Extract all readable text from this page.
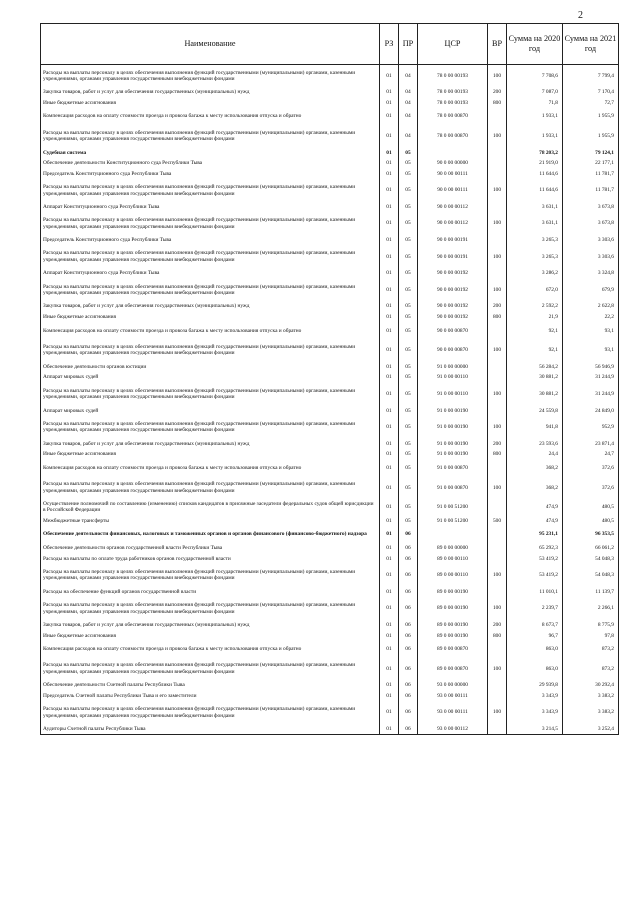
2
Наименование	РЗ	ПР	ЦСР	ВР	Сумма на 2020 год	Сумма на 2021 год
Расходы на выплаты персоналу в целях обеспечения выполнения функций государственными (муниципальными) органами, казенными учреждениями, органами управления государственными внебюджетными фондами	01	04	78 0 00 00193	100	7 708,6	7 799,4
Закупка товаров, работ и услуг для обеспечения государственных (муниципальных) нужд	01	04	78 0 00 00193	200	7 087,0	7 170,4
Иные бюджетные ассигнования	01	04	78 0 00 00193	800	71,8	72,7
Компенсация расходов на оплату стоимости проезда и провоза багажа к месту использования отпуска и обратно	01	04	78 0 00 00870		1 933,1	1 955,9
Расходы на выплаты персоналу в целях обеспечения выполнения функций государственными (муниципальными) органами, казенными учреждениями, органами управления государственными внебюджетными фондами	01	04	78 0 00 00870	100	1 933,1	1 955,9
Судебная система	01	05			78 203,2	79 124,1
Обеспечение деятельности Конституционного суда Республики Тыва	01	05	90 0 00 00000		21 919,0	22 177,1
Председатель Конституционного суда Республики Тыва	01	05	90 0 00 00111		11 644,6	11 781,7
Расходы на выплаты персоналу в целях обеспечения выполнения функций государственными (муниципальными) органами, казенными учреждениями, органами управления государственными внебюджетными фондами	01	05	90 0 00 00111	100	11 644,6	11 781,7
Аппарат Конституционного суда Республики Тыва	01	05	90 0 00 00112		3 631,1	3 673,8
Расходы на выплаты персоналу в целях обеспечения выполнения функций государственными (муниципальными) органами, казенными учреждениями, органами управления государственными внебюджетными фондами	01	05	90 0 00 00112	100	3 631,1	3 673,8
Председатель Конституционного суда Республики Тыва	01	05	90 0 00 00191		3 265,3	3 303,6
Расходы на выплаты персоналу в целях обеспечения выполнения функций государственными (муниципальными) органами, казенными учреждениями, органами управления государственными внебюджетными фондами	01	05	90 0 00 00191	100	3 265,3	3 303,6
Аппарат Конституционного суда Республики Тыва	01	05	90 0 00 00192		3 286,2	3 324,8
Расходы на выплаты персоналу в целях обеспечения выполнения функций государственными (муниципальными) органами, казенными учреждениями, органами управления государственными внебюджетными фондами	01	05	90 0 00 00192	100	672,0	679,9
Закупка товаров, работ и услуг для обеспечения государственных (муниципальных) нужд	01	05	90 0 00 00192	200	2 592,2	2 622,8
Иные бюджетные ассигнования	01	05	90 0 00 00192	800	21,9	22,2
Компенсация расходов на оплату стоимости проезда и провоза багажа к месту использования отпуска и обратно	01	05	90 0 00 00870		92,1	93,1
Расходы на выплаты персоналу в целях обеспечения выполнения функций государственными (муниципальными) органами, казенными учреждениями, органами управления государственными внебюджетными фондами	01	05	90 0 00 00870	100	92,1	93,1
Обеспечение деятельности органов юстиции	01	05	91 0 00 00000		56 284,2	56 946,9
Аппарат мировых судей	01	05	91 0 00 00110		30 881,2	31 244,9
Расходы на выплаты персоналу в целях обеспечения выполнения функций государственными (муниципальными) органами, казенными учреждениями, органами управления государственными внебюджетными фондами	01	05	91 0 00 00110	100	30 881,2	31 244,9
Аппарат мировых судей	01	05	91 0 00 00190		24 559,8	24 849,0
Расходы на выплаты персоналу в целях обеспечения выполнения функций государственными (муниципальными) органами, казенными учреждениями, органами управления государственными внебюджетными фондами	01	05	91 0 00 00190	100	941,8	952,9
Закупка товаров, работ и услуг для обеспечения государственных (муниципальных) нужд	01	05	91 0 00 00190	200	23 593,6	23 871,4
Иные бюджетные ассигнования	01	05	91 0 00 00190	800	24,4	24,7
Компенсация расходов на оплату стоимости проезда и провоза багажа к месту использования отпуска и обратно	01	05	91 0 00 00870		368,2	372,6
Расходы на выплаты персоналу в целях обеспечения выполнения функций государственными (муниципальными) органами, казенными учреждениями, органами управления государственными внебюджетными фондами	01	05	91 0 00 00870	100	368,2	372,6
Осуществление полномочий по составлению (изменению) списков кандидатов в присяжные заседатели федеральных судов общей юрисдикции в Российской Федерации	01	05	91 0 00 51200		474,9	480,5
Межбюджетные трансферты	01	05	91 0 00 51200	500	474,9	480,5
Обеспечение деятельности финансовых, налоговых и таможенных органов и органов финансового (финансово-бюджетного) надзора	01	06			95 231,1	96 353,5
Обеспечение деятельности органов государственной власти Республики Тыва	01	06	89 0 00 00000		65 292,3	66 061,2
Расходы на выплаты по оплате труда работников органов государственной власти	01	06	89 0 00 00110		53 419,2	54 048,3
Расходы на выплаты персоналу в целях обеспечения выполнения функций государственными (муниципальными) органами, казенными учреждениями, органами управления государственными внебюджетными фондами	01	06	89 0 00 00110	100	53 419,2	54 048,3
Расходы на обеспечение функций органов государственной власти	01	06	89 0 00 00190		11 010,1	11 139,7
Расходы на выплаты персоналу в целях обеспечения выполнения функций государственными (муниципальными) органами, казенными учреждениями, органами управления государственными внебюджетными фондами	01	06	89 0 00 00190	100	2 239,7	2 266,1
Закупка товаров, работ и услуг для обеспечения государственных (муниципальных) нужд	01	06	89 0 00 00190	200	8 673,7	8 775,9
Иные бюджетные ассигнования	01	06	89 0 00 00190	800	96,7	97,8
Компенсация расходов на оплату стоимости проезда и провоза багажа к месту использования отпуска и обратно	01	06	89 0 00 00870		863,0	873,2
Расходы на выплаты персоналу в целях обеспечения выполнения функций государственными (муниципальными) органами, казенными учреждениями, органами управления государственными внебюджетными фондами	01	06	89 0 00 00870	100	863,0	873,2
Обеспечение деятельности Счетной палаты Республики Тыва	01	06	93 0 00 00000		29 939,8	30 292,4
Председатель Счетной палаты Республики Тыва и его заместители	01	06	93 0 00 00111		3 343,9	3 383,2
Расходы на выплаты персоналу в целях обеспечения выполнения функций государственными (муниципальными) органами, казенными учреждениями, органами управления государственными внебюджетными фондами	01	06	93 0 00 00111	100	3 343,9	3 383,2
Аудиторы Счетной палаты Республики Тыва	01	06	93 0 00 00112		3 214,5	3 252,4
